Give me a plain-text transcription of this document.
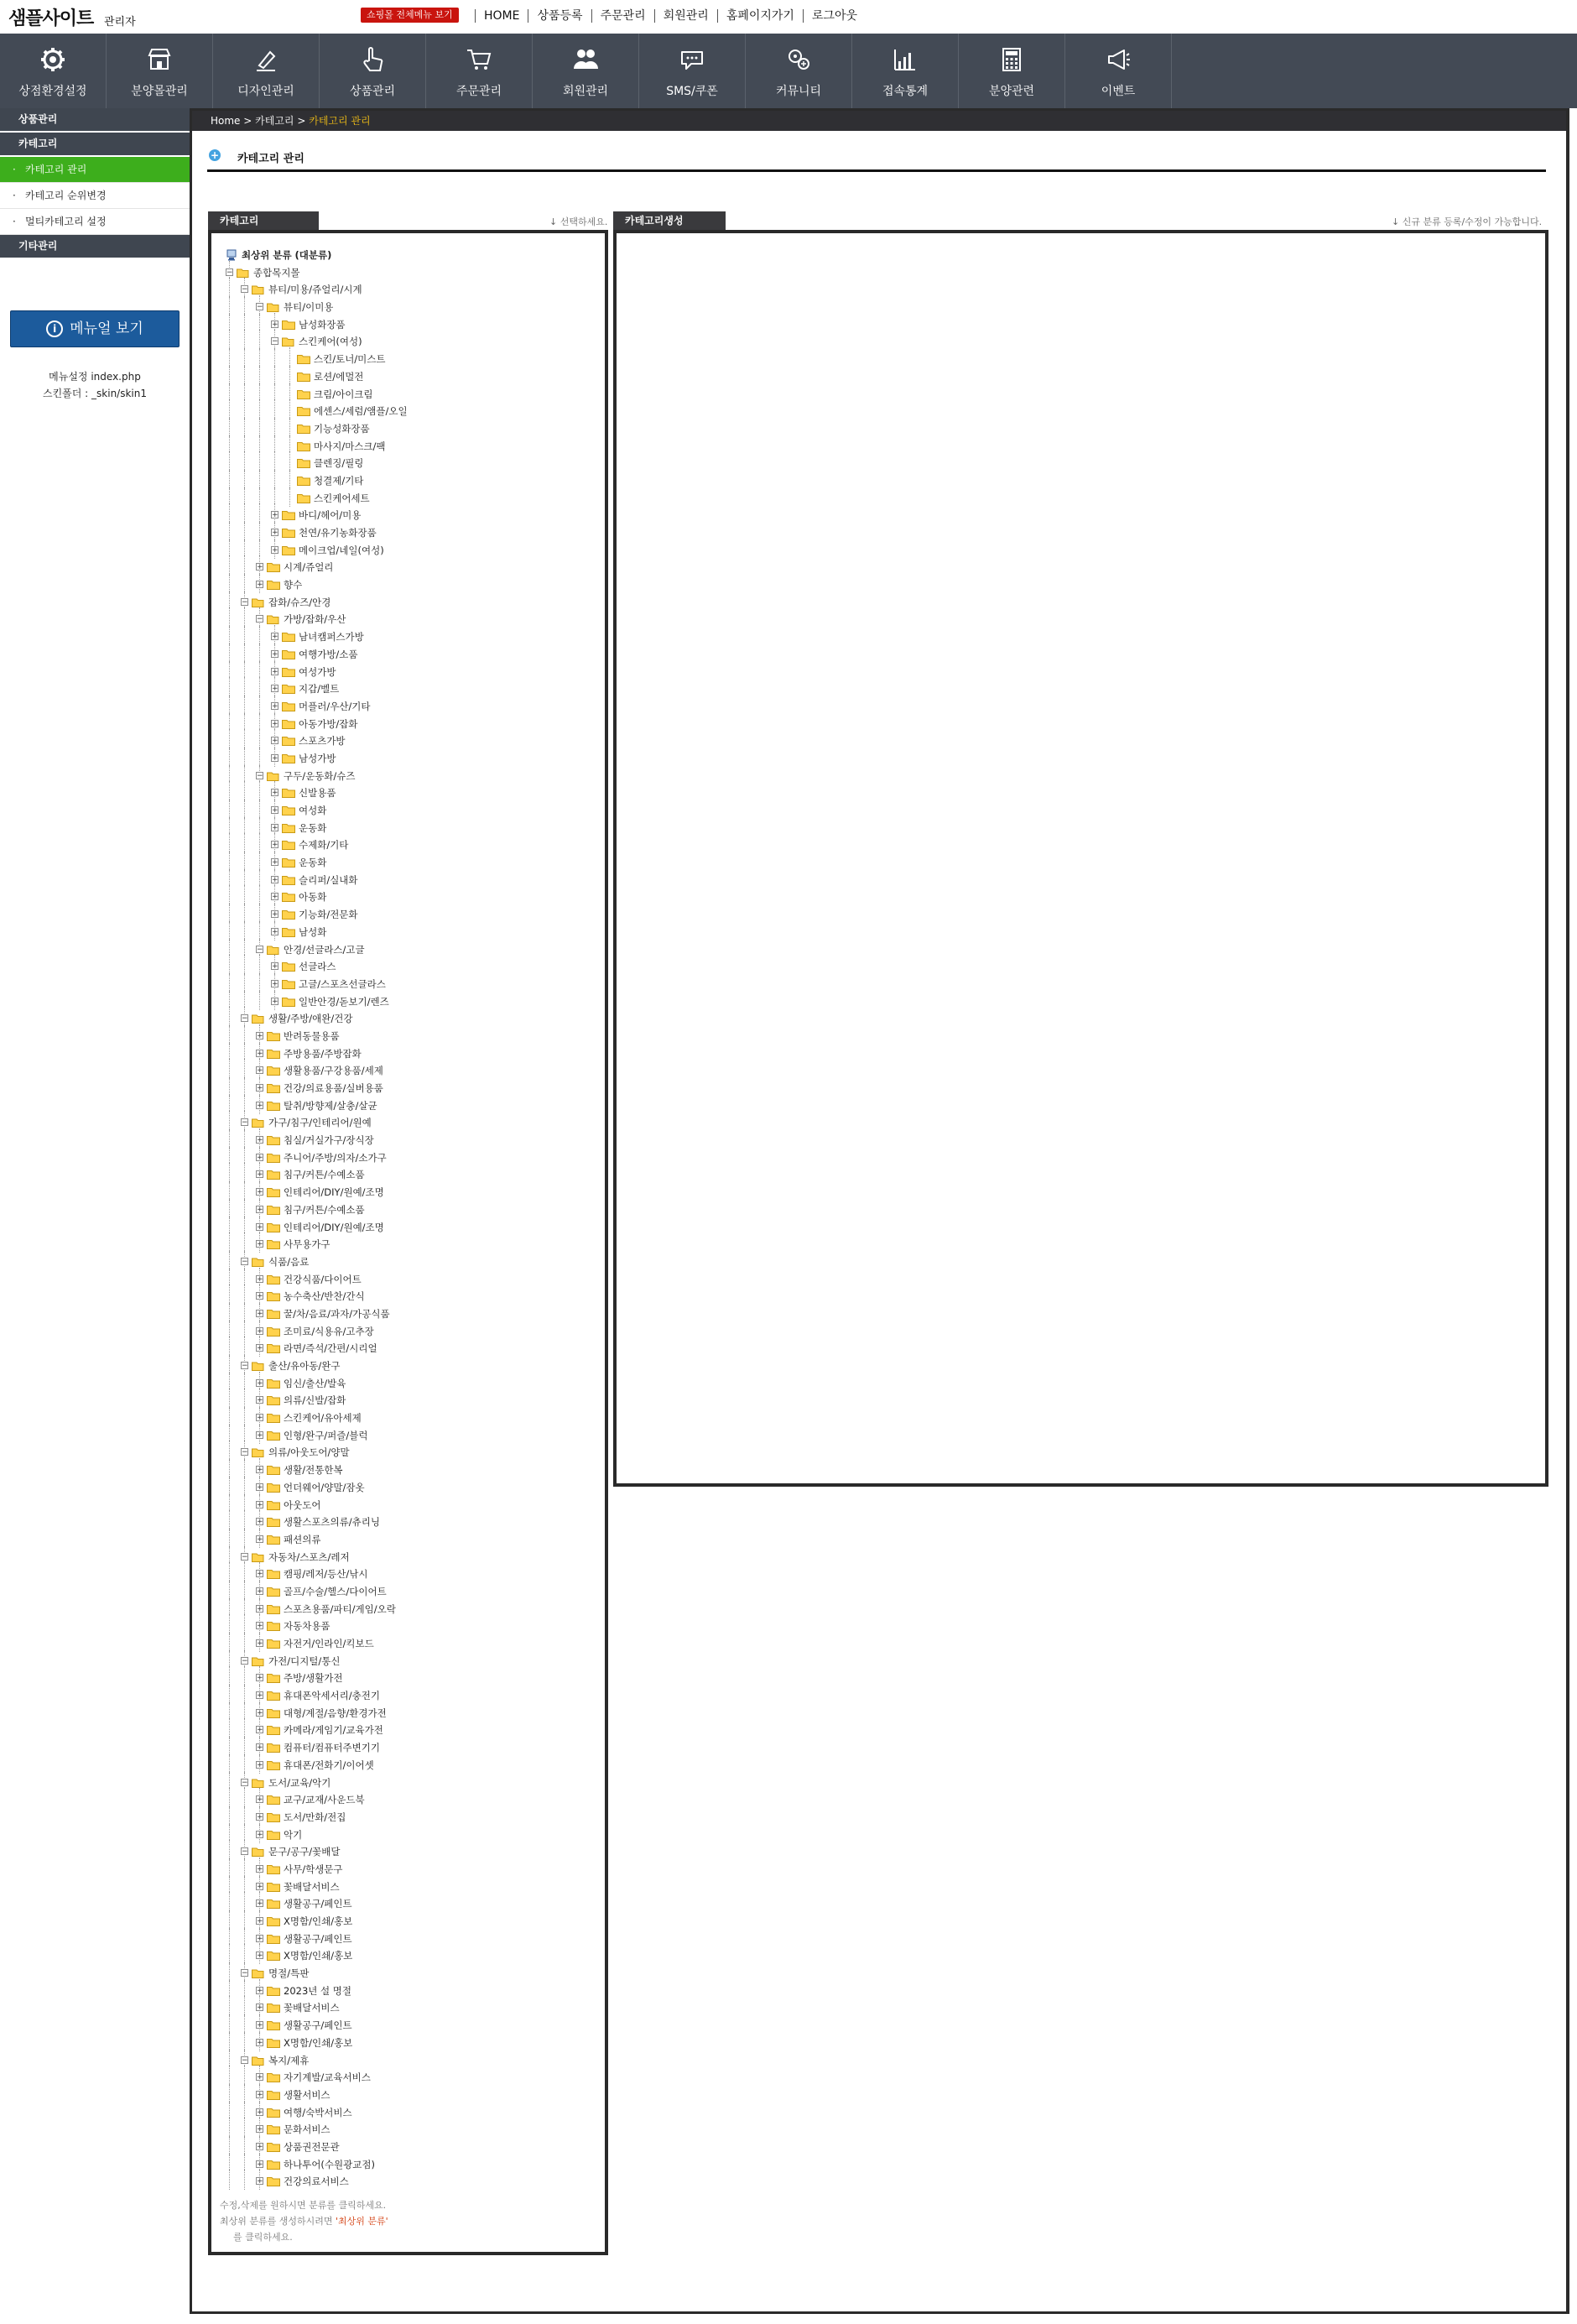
샘플사이트 관리자
쇼핑몰 전체메뉴 보기	HOME	상품등록	주문관리	회원관리	홈페이지가기	로그아웃
상점환경설정	분양몰관리	디자인관리	상품관리	주문관리	회원관리	SMS/쿠폰	커뮤니티	접속통계	분양관련	이벤트
상품관리
카테고리
· 카테고리 관리
· 카테고리 순위변경
· 멀티카테고리 설정
기타관리
i 메뉴얼 보기
메뉴설정 index.php
스킨폴더 : _skin/skin1
Home > 카테고리 > 카테고리 관리
+ 카테고리 관리
카테고리	↓ 선택하세요.	카테고리생성	↓ 신규 분류 등록/수정이 가능합니다.
최상위 분류 (대분류)
− 종합목지몰
− 뷰티/미용/쥬얼리/시계
− 뷰티/이미용
+ 남성화장품
− 스킨케어(여성)
스킨/토너/미스트
로션/에멀전
크림/아이크림
에센스/세럼/앰플/오일
기능성화장품
마사지/마스크/팩
클렌징/필링
청결제/기타
스킨케어세트
+ 바디/헤어/미용
+ 천연/유기농화장품
+ 메이크업/네일(여성)
+ 시계/쥬얼리
+ 향수
− 잡화/슈즈/안경
− 가방/잡화/우산
+ 남녀캠퍼스가방
+ 여행가방/소품
+ 여성가방
+ 지갑/벨트
+ 머플러/우산/기타
+ 아동가방/잡화
+ 스포츠가방
+ 남성가방
− 구두/운동화/슈즈
+ 신발용품
+ 여성화
+ 운동화
+ 수제화/기타
+ 운동화
+ 슬리퍼/실내화
+ 아동화
+ 기능화/전문화
+ 남성화
− 안경/선글라스/고글
+ 선글라스
+ 고글/스포츠선글라스
+ 일반안경/돋보기/렌즈
− 생활/주방/애완/건강
+ 반려동물용품
+ 주방용품/주방잡화
+ 생활용품/구강용품/세제
+ 건강/의료용품/실버용품
+ 탈취/방향제/살충/살균
− 가구/침구/인테리어/원예
+ 침실/거실가구/장식장
+ 주니어/주방/의자/소가구
+ 침구/커튼/수예소품
+ 인테리어/DIY/원예/조명
+ 침구/커튼/수예소품
+ 인테리어/DIY/원예/조명
+ 사무용가구
− 식품/음료
+ 건강식품/다이어트
+ 농수축산/반찬/간식
+ 꿀/차/음료/과자/가공식품
+ 조미료/식용유/고추장
+ 라면/즉석/간편/시리얼
− 출산/유아동/완구
+ 임신/출산/발육
+ 의류/신발/잡화
+ 스킨케어/유아세제
+ 인형/완구/퍼즐/블럭
− 의류/아웃도어/양말
+ 생활/전통한복
+ 언더웨어/양말/잠옷
+ 아웃도어
+ 생활스포츠의류/츄리닝
+ 패션의류
− 자동차/스포츠/레저
+ 캠핑/레저/등산/낚시
+ 골프/수술/헬스/다이어트
+ 스포츠용품/파티/게임/오락
+ 자동차용품
+ 자전거/인라인/킥보드
− 가전/디지털/통신
+ 주방/생활가전
+ 휴대폰악세서리/충전기
+ 대형/계절/음향/환경가전
+ 카메라/게임기/교육가전
+ 컴퓨터/컴퓨터주변기기
+ 휴대폰/전화기/이어셋
− 도서/교육/악기
+ 교구/교재/사운드북
+ 도서/만화/전집
+ 악기
− 문구/공구/꽃배달
+ 사무/학생문구
+ 꽃배달서비스
+ 생활공구/페인트
+ X명함/인쇄/홍보
+ 생활공구/페인트
+ X명함/인쇄/홍보
− 명절/특판
+ 2023년 설 명절
+ 꽃배달서비스
+ 생활공구/페인트
+ X명함/인쇄/홍보
− 복지/제휴
+ 자기계발/교육서비스
+ 생활서비스
+ 여행/숙박서비스
+ 문화서비스
+ 상품권전문관
+ 하나투어(수원광교점)
+ 건강의료서비스
수정,삭제를 원하시면 분류를 클릭하세요.
최상위 분류를 생성하시려면 '최상위 분류'
를 클릭하세요.
